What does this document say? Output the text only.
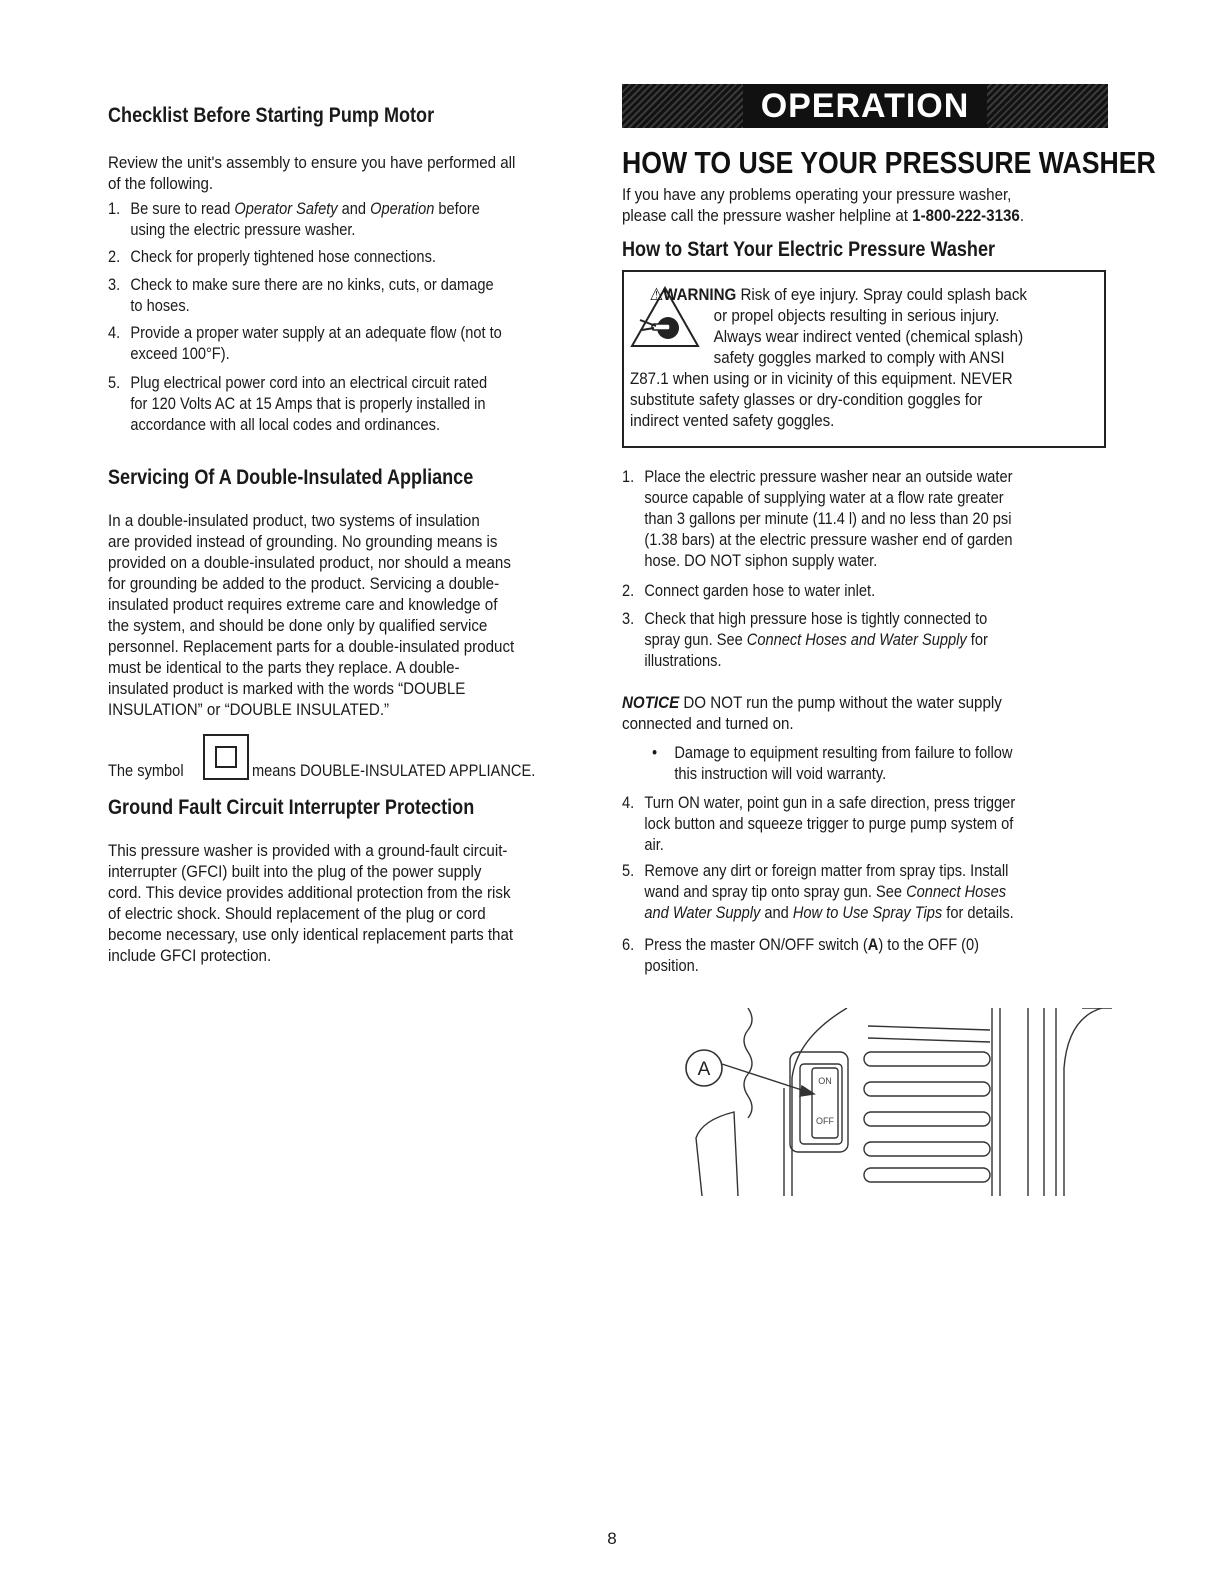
Checklist Before Starting Pump Motor

Review the unit's assembly to ensure you have performed all
of the following.

1. Be sure to read Operator Safety and Operation before
using the electric pressure washer.
2. Check for properly tightened hose connections.
3. Check to make sure there are no kinks, cuts, or damage
to hoses.
4. Provide a proper water supply at an adequate flow (not to
exceed 100°F).
5. Plug electrical power cord into an electrical circuit rated
for 120 Volts AC at 15 Amps that is properly installed in
accordance with all local codes and ordinances.
Servicing Of A Double-Insulated Appliance

In a double-insulated product, two systems of insulation
are provided instead of grounding. No grounding means is
provided on a double-insulated product, nor should a means
for grounding be added to the product. Servicing a double-
insulated product requires extreme care and knowledge of
the system, and should be done only by qualified service
personnel. Replacement parts for a double-insulated product
must be identical to the parts they replace. A double-
insulated product is marked with the words “DOUBLE
INSULATION” or “DOUBLE INSULATED.”

The symbol	means DOUBLE-INSULATED APPLIANCE.

Ground Fault Circuit Interrupter Protection

This pressure washer is provided with a ground-fault circuit-
interrupter (GFCI) built into the plug of the power supply
cord. This device provides additional protection from the risk
of electric shock. Should replacement of the plug or cord
become necessary, use only identical replacement parts that
include GFCI protection.

OPERATION
HOW TO USE YOUR PRESSURE WASHER

If you have any problems operating your pressure washer,
please call the pressure washer helpline at 1-800-222-3136.

How to Start Your Electric Pressure Washer

⚠WARNING Risk of eye injury. Spray could splash back
or propel objects resulting in serious injury.
Always wear indirect vented (chemical splash)
safety goggles marked to comply with ANSI
Z87.1 when using or in vicinity of this equipment. NEVER
substitute safety glasses or dry-condition goggles for
indirect vented safety goggles.

1. Place the electric pressure washer near an outside water
source capable of supplying water at a flow rate greater
than 3 gallons per minute (11.4 l) and no less than 20 psi
(1.38 bars) at the electric pressure washer end of garden
hose. DO NOT siphon supply water.
2. Connect garden hose to water inlet.
3. Check that high pressure hose is tightly connected to
spray gun. See Connect Hoses and Water Supply for
illustrations.

NOTICE DO NOT run the pump without the water supply
connected and turned on.

•	Damage to equipment resulting from failure to follow
this instruction will void warranty.
4. Turn ON water, point gun in a safe direction, press trigger
lock button and squeeze trigger to purge pump system of
air.
5. Remove any dirt or foreign matter from spray tips. Install
wand and spray tip onto spray gun. See Connect Hoses
and Water Supply and How to Use Spray Tips for details.
6. Press the master ON/OFF switch (A) to the OFF (0)
position.
A
ON
OFF
8
